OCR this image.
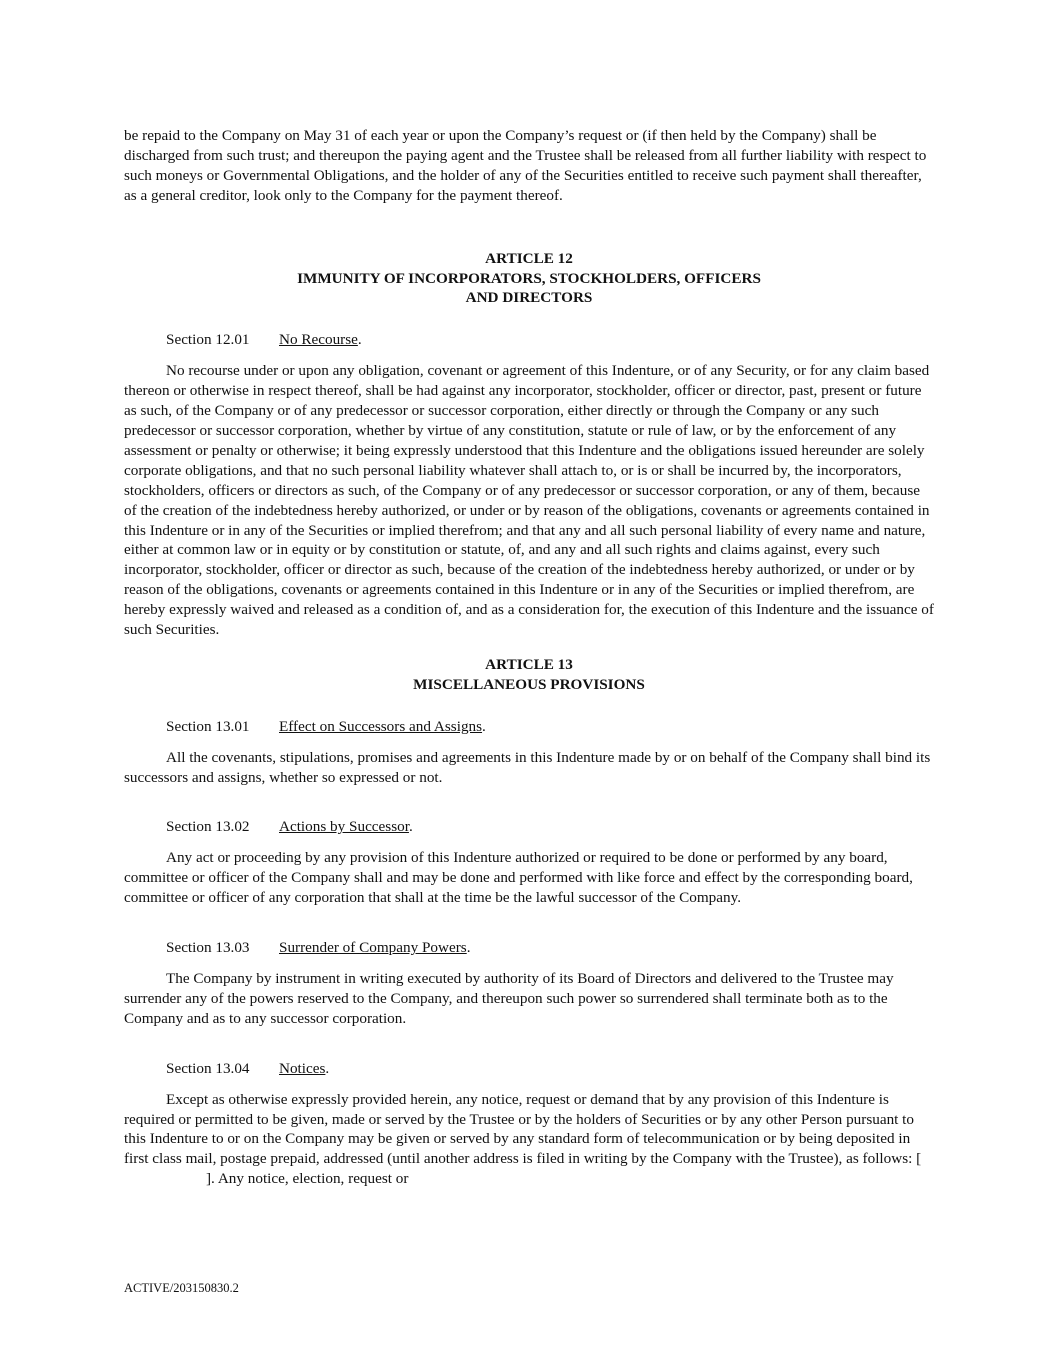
be repaid to the Company on May 31 of each year or upon the Company’s request or (if then held by the Company) shall be discharged from such trust; and thereupon the paying agent and the Trustee shall be released from all further liability with respect to such moneys or Governmental Obligations, and the holder of any of the Securities entitled to receive such payment shall thereafter, as a general creditor, look only to the Company for the payment thereof.

ARTICLE 12
IMMUNITY OF INCORPORATORS, STOCKHOLDERS, OFFICERS
AND DIRECTORS

Section 12.01 No Recourse.

No recourse under or upon any obligation, covenant or agreement of this Indenture, or of any Security, or for any claim based thereon or otherwise in respect thereof, shall be had against any incorporator, stockholder, officer or director, past, present or future as such, of the Company or of any predecessor or successor corporation, either directly or through the Company or any such predecessor or successor corporation, whether by virtue of any constitution, statute or rule of law, or by the enforcement of any assessment or penalty or otherwise; it being expressly understood that this Indenture and the obligations issued hereunder are solely corporate obligations, and that no such personal liability whatever shall attach to, or is or shall be incurred by, the incorporators, stockholders, officers or directors as such, of the Company or of any predecessor or successor corporation, or any of them, because of the creation of the indebtedness hereby authorized, or under or by reason of the obligations, covenants or agreements contained in this Indenture or in any of the Securities or implied therefrom; and that any and all such personal liability of every name and nature, either at common law or in equity or by constitution or statute, of, and any and all such rights and claims against, every such incorporator, stockholder, officer or director as such, because of the creation of the indebtedness hereby authorized, or under or by reason of the obligations, covenants or agreements contained in this Indenture or in any of the Securities or implied therefrom, are hereby expressly waived and released as a condition of, and as a consideration for, the execution of this Indenture and the issuance of such Securities.

ARTICLE 13
MISCELLANEOUS PROVISIONS

Section 13.01 Effect on Successors and Assigns.

All the covenants, stipulations, promises and agreements in this Indenture made by or on behalf of the Company shall bind its successors and assigns, whether so expressed or not.

Section 13.02 Actions by Successor.

Any act or proceeding by any provision of this Indenture authorized or required to be done or performed by any board, committee or officer of the Company shall and may be done and performed with like force and effect by the corresponding board, committee or officer of any corporation that shall at the time be the lawful successor of the Company.

Section 13.03 Surrender of Company Powers.

The Company by instrument in writing executed by authority of its Board of Directors and delivered to the Trustee may surrender any of the powers reserved to the Company, and thereupon such power so surrendered shall terminate both as to the Company and as to any successor corporation.

Section 13.04 Notices.

Except as otherwise expressly provided herein, any notice, request or demand that by any provision of this Indenture is required or permitted to be given, made or served by the Trustee or by the holders of Securities or by any other Person pursuant to this Indenture to or on the Company may be given or served by any standard form of telecommunication or by being deposited in first class mail, postage prepaid, addressed (until another address is filed in writing by the Company with the Trustee), as follows: []. Any notice, election, request or

ACTIVE/203150830.2
